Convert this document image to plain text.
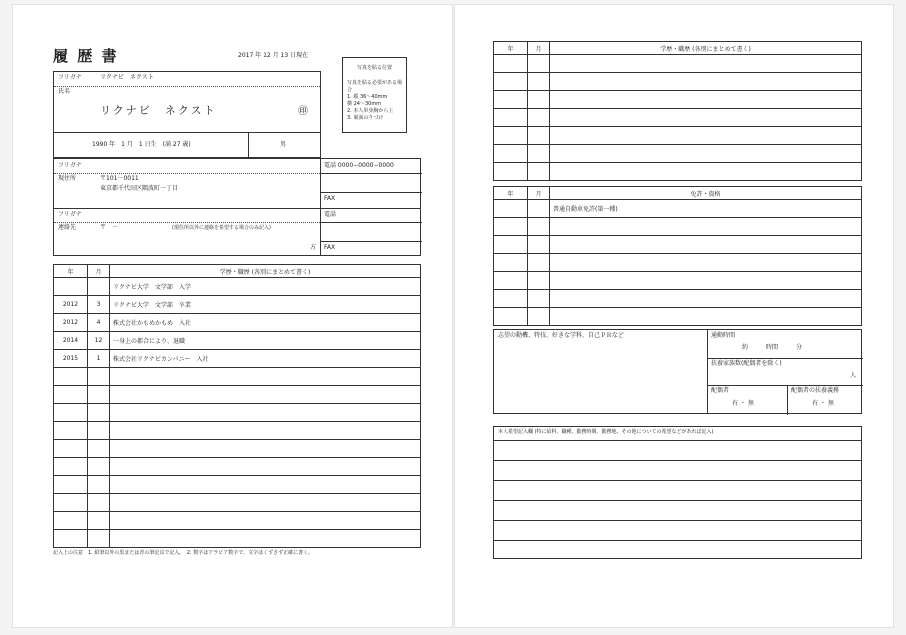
履 歴 書	2017 年 12 月 13 日現在
写真を貼る位置
写真を貼る必要がある場合
1. 縦 36～40mm
横 24～30mm
2. 本人単身胸から上
3. 裏面のりづけ
フリガナ	リクナビ　ネクスト
氏名
リクナビ　ネクスト	㊞
1990 年　1 月　1 日生　(満 27 歳)	男
フリガナ
現住所	〒101－0011
東京都千代田区隅波町一丁目
電話 0000−0000−0000
FAX
フリガナ
連絡先	〒　－	(現住所以外に連絡を希望する場合のみ記入)
方
電話
FAX
年	月	学歴・職歴 (各別にまとめて書く)
		リクナビ大学　文学部　入学
2012	3	リクナビ大学　文学部　卒業
2012	4	株式会社かもめかもめ　入社
2014	12	一身上の都合により、退職
2015	1	株式会社リクナビカンパニー　入社

記入上の注意　1. 鉛筆以外の黒または青の筆記具で記入。　2. 数字はアラビア数字で、文字はくずさず正確に書く。
年	月	学歴・職歴 (各別にまとめて書く)

年	月	免許・資格
		普通自動車免許(第一種)

志望の動機、特技、好きな学科、自己ＰＲなど	通勤時間
約　　　時間　　　分
扶養家族数(配偶者を除く)
人
配偶者
有 ・ 無
配偶者の扶養義務
有 ・ 無
本人希望記入欄 (特に給料、職種、勤務時間、勤務地、その他についての希望などがあれば記入)
